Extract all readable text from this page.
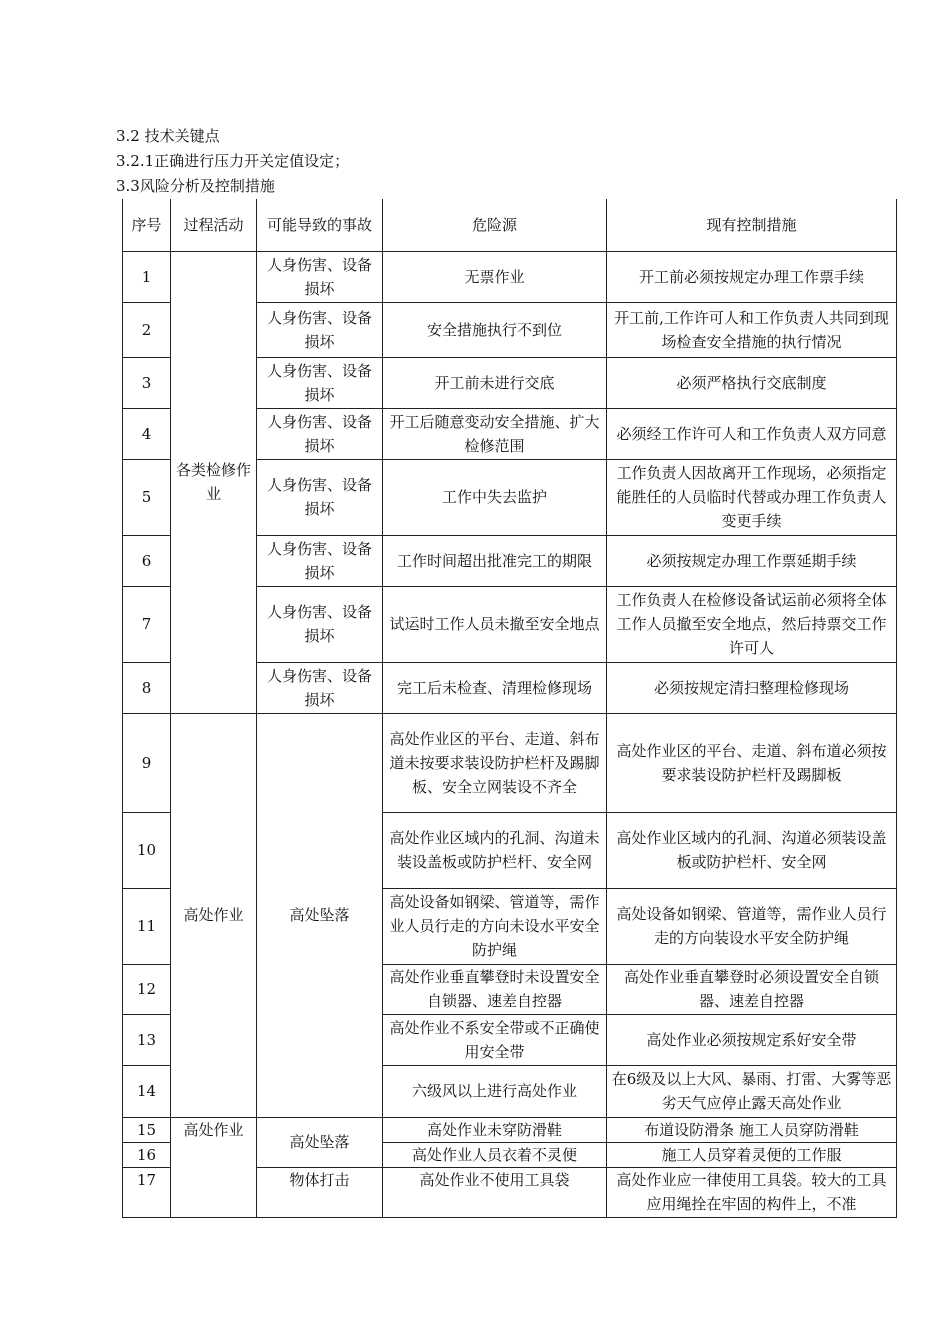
3.2 技术关键点
3.2.1正确进行压力开关定值设定；
3.3风险分析及控制措施
序号	过程活动	可能导致的事故	危险源	现有控制措施
1	各类检修作业	人身伤害、设备损坏	无票作业	开工前必须按规定办理工作票手续
2		人身伤害、设备损坏	安全措施执行不到位	开工前,工作许可人和工作负责人共同到现场检查安全措施的执行情况
3		人身伤害、设备损坏	开工前未进行交底	必须严格执行交底制度
4		人身伤害、设备损坏	开工后随意变动安全措施、扩大检修范围	必须经工作许可人和工作负责人双方同意
5		人身伤害、设备损坏	工作中失去监护	工作负责人因故离开工作现场，必须指定能胜任的人员临时代替或办理工作负责人变更手续
6		人身伤害、设备损坏	工作时间超出批准完工的期限	必须按规定办理工作票延期手续
7		人身伤害、设备损坏	试运时工作人员未撤至安全地点	工作负责人在检修设备试运前必须将全体工作人员撤至安全地点，然后持票交工作许可人
8		人身伤害、设备损坏	完工后未检查、清理检修现场	必须按规定清扫整理检修现场
9	高处作业	高处坠落	高处作业区的平台、走道、斜布道未按要求装设防护栏杆及踢脚板、安全立网装设不齐全	高处作业区的平台、走道、斜布道必须按要求装设防护栏杆及踢脚板
10			高处作业区域内的孔洞、沟道未装设盖板或防护栏杆、安全网	高处作业区域内的孔洞、沟道必须装设盖板或防护栏杆、安全网
11			高处设备如钢梁、管道等，需作业人员行走的方向未设水平安全防护绳	高处设备如钢梁、管道等，需作业人员行走的方向装设水平安全防护绳
12			高处作业垂直攀登时未设置安全自锁器、速差自控器	高处作业垂直攀登时必须设置安全自锁器、速差自控器
13			高处作业不系安全带或不正确使用安全带	高处作业必须按规定系好安全带
14			六级风以上进行高处作业	在6级及以上大风、暴雨、打雷、大雾等恶劣天气应停止露天高处作业
15	高处作业	高处坠落	高处作业未穿防滑鞋	布道设防滑条 施工人员穿防滑鞋
16			高处作业人员衣着不灵便	施工人员穿着灵便的工作服
17		物体打击	高处作业不使用工具袋	高处作业应一律使用工具袋。较大的工具应用绳拴在牢固的构件上，不准
